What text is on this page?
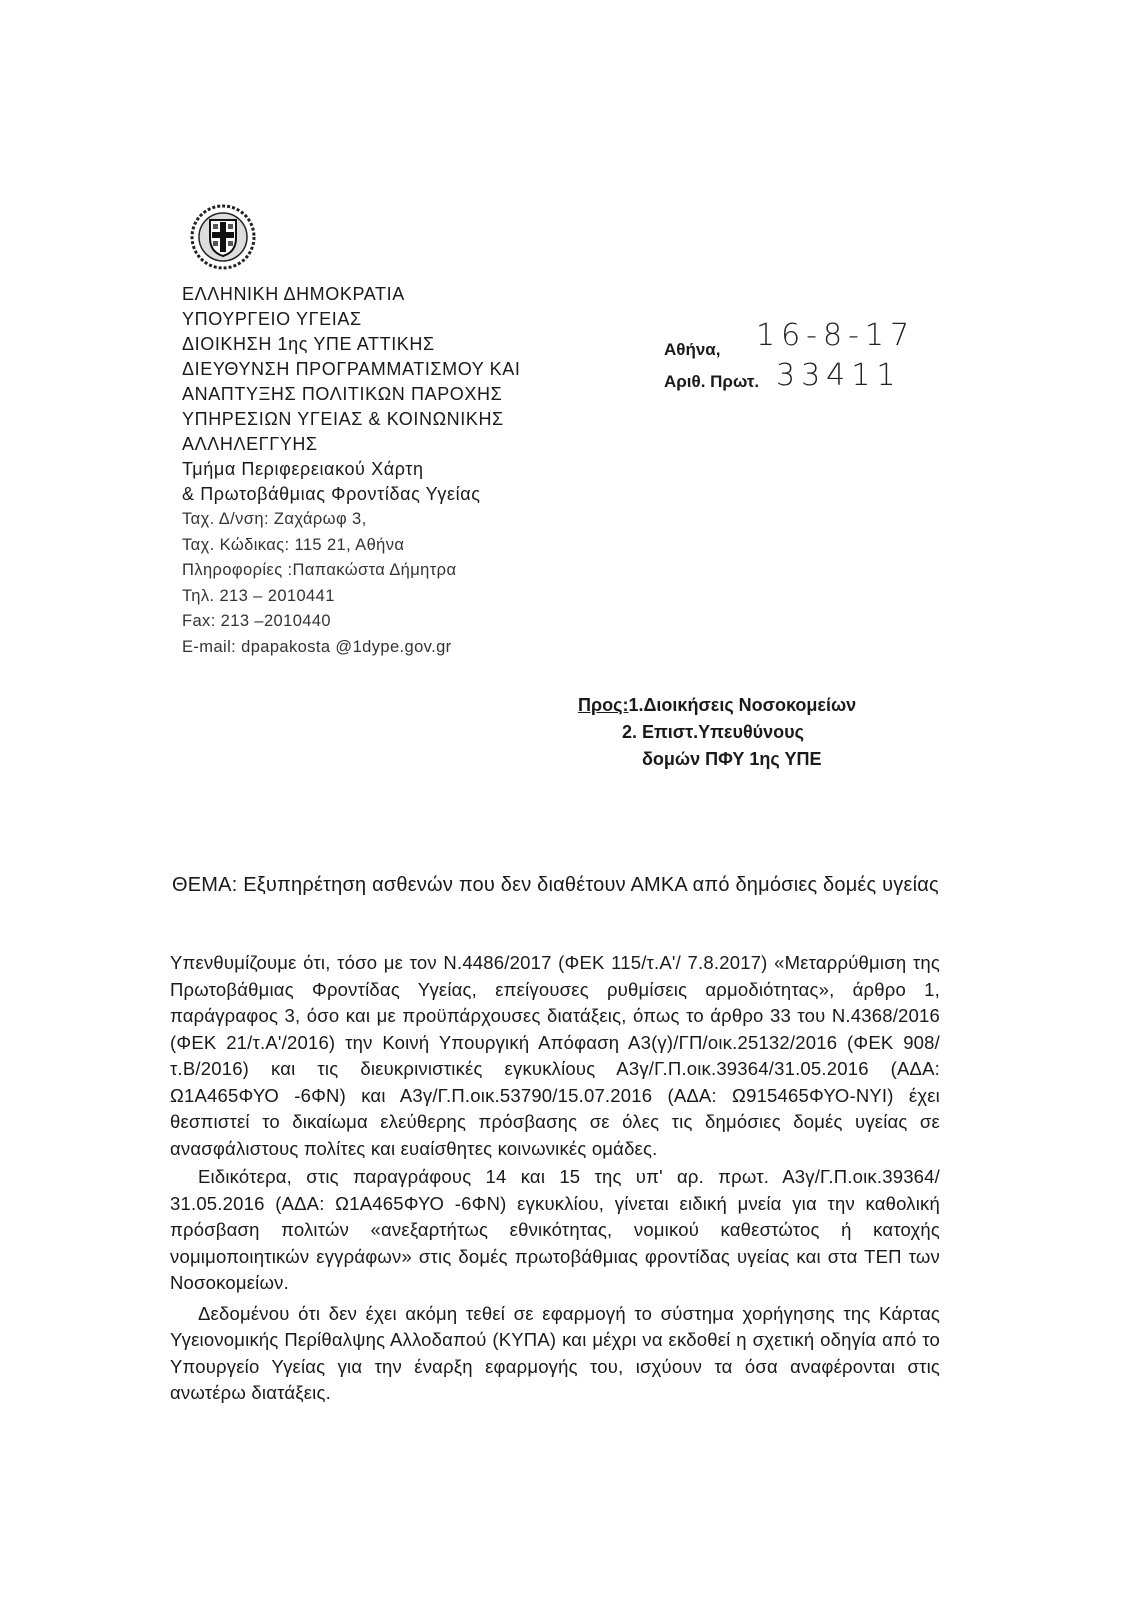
ΕΛΛΗΝΙΚΗ ΔΗΜΟΚΡΑΤΙΑ
ΥΠΟΥΡΓΕΙΟ ΥΓΕΙΑΣ
ΔΙΟΙΚΗΣΗ 1ης ΥΠΕ ΑΤΤΙΚΗΣ
ΔΙΕΥΘΥΝΣΗ ΠΡΟΓΡΑΜΜΑΤΙΣΜΟΥ ΚΑΙ
ΑΝΑΠΤΥΞΗΣ ΠΟΛΙΤΙΚΩΝ ΠΑΡΟΧΗΣ
ΥΠΗΡΕΣΙΩΝ ΥΓΕΙΑΣ & ΚΟΙΝΩΝΙΚΗΣ
ΑΛΛΗΛΕΓΓΥΗΣ
Τμήμα Περιφερειακού Χάρτη
& Πρωτοβάθμιας Φροντίδας Υγείας
Ταχ. Δ/νση: Ζαχάρωφ 3,
Ταχ. Κώδικας: 115 21, Αθήνα
Πληροφορίες :Παπακώστα Δήμητρα
Τηλ. 213 – 2010441
Fax: 213 –2010440
E-mail: dpapakosta @1dype.gov.gr
Αθήνα,
Αριθ. Πρωτ.
16-8-17
33411
Προς:1.Διοικήσεις Νοσοκομείων
2. Επιστ.Υπευθύνους
δομών ΠΦΥ 1ης ΥΠΕ
ΘΕΜΑ: Εξυπηρέτηση ασθενών που δεν διαθέτουν ΑΜΚΑ από δημόσιες δομές υγείας

Υπενθυμίζουμε ότι, τόσο με τον Ν.4486/2017 (ΦΕΚ 115/τ.Α'/ 7.8.2017) «Μεταρρύθμιση της Πρωτοβάθμιας Φροντίδας Υγείας, επείγουσες ρυθμίσεις αρμοδιότητας», άρθρο 1, παράγραφος 3, όσο και με προϋπάρχουσες διατάξεις, όπως το άρθρο 33 του Ν.4368/2016 (ΦΕΚ 21/τ.Α'/2016) την Κοινή Υπουργική Απόφαση Α3(γ)/ΓΠ/οικ.25132/2016 (ΦΕΚ 908/τ.Β/2016) και τις διευκρινιστικές εγκυκλίους Α3γ/Γ.Π.οικ.39364/31.05.2016 (ΑΔΑ: Ω1Α465ΦΥΟ -6ΦΝ) και Α3γ/Γ.Π.οικ.53790/15.07.2016 (ΑΔΑ: Ω915465ΦΥΟ-ΝΥΙ) έχει θεσπιστεί το δικαίωμα ελεύθερης πρόσβασης σε όλες τις δημόσιες δομές υγείας σε ανασφάλιστους πολίτες και ευαίσθητες κοινωνικές ομάδες.

Ειδικότερα, στις παραγράφους 14 και 15 της υπ' αρ. πρωτ. Α3γ/Γ.Π.οικ.39364/ 31.05.2016 (ΑΔΑ: Ω1Α465ΦΥΟ -6ΦΝ) εγκυκλίου, γίνεται ειδική μνεία για την καθολική πρόσβαση πολιτών «ανεξαρτήτως εθνικότητας, νομικού καθεστώτος ή κατοχής νομιμοποιητικών εγγράφων» στις δομές πρωτοβάθμιας φροντίδας υγείας και στα ΤΕΠ των Νοσοκομείων.

Δεδομένου ότι δεν έχει ακόμη τεθεί σε εφαρμογή το σύστημα χορήγησης της Κάρτας Υγειονομικής Περίθαλψης Αλλοδαπού (ΚΥΠΑ) και μέχρι να εκδοθεί η σχετική οδηγία από το Υπουργείο Υγείας για την έναρξη εφαρμογής του, ισχύουν τα όσα αναφέρονται στις ανωτέρω διατάξεις.
